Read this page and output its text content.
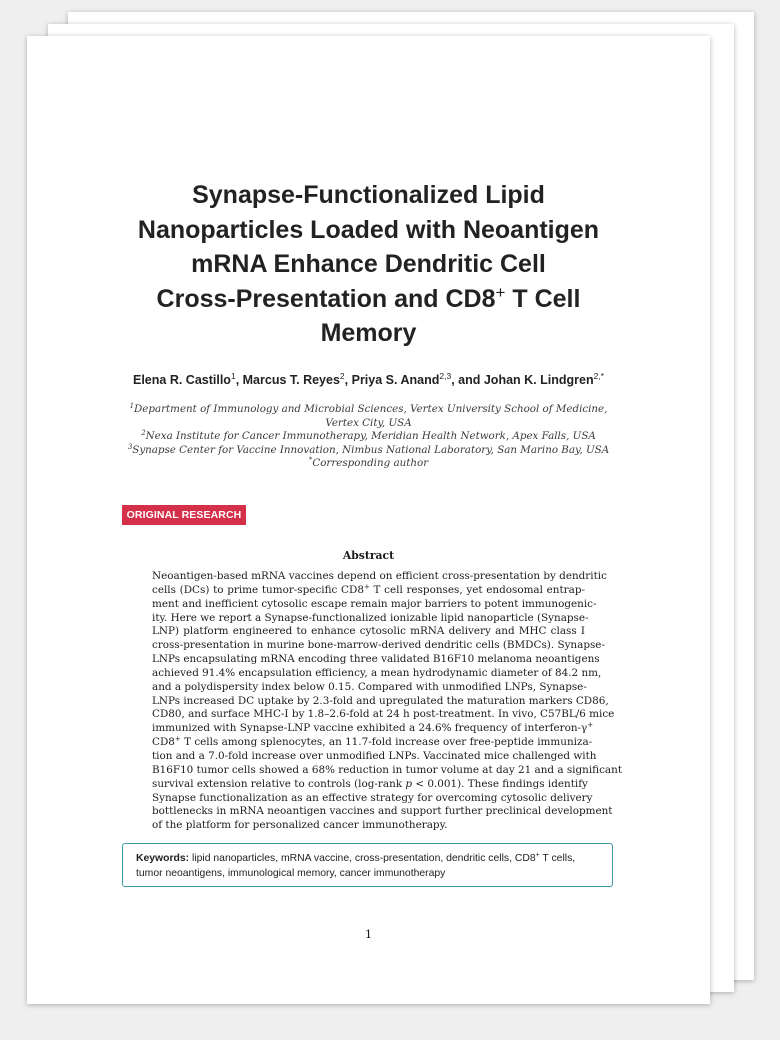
Synapse-Functionalized Lipid
Nanoparticles Loaded with Neoantigen
mRNA Enhance Dendritic Cell
Cross-Presentation and CD8+ T Cell
Memory
Elena R. Castillo$^1$, Marcus T. Reyes$^2$, Priya S. Anand$^{2,3}$, and Johan K. Lindgren$^{2,*}$
$^1$Department of Immunology and Microbial Sciences, Vertex University School of Medicine, Vertex City, USA
$^2$Nexa Institute for Cancer Immunotherapy, Meridian Health Network, Apex Falls, USA
$^3$Synapse Center for Vaccine Innovation, Nimbus National Laboratory, San Marino Bay, USA
*Corresponding author
ORIGINAL RESEARCH
Abstract

Neoantigen-based mRNA vaccines depend on efficient cross-presentation by dendritic
cells (DCs) to prime tumor-specific CD8+ T cell responses, yet endosomal entrap-
ment and inefficient cytosolic escape remain major barriers to potent immunogenic-
ity. Here we report a Synapse-functionalized ionizable lipid nanoparticle (Synapse-
LNP) platform engineered to enhance cytosolic mRNA delivery and MHC class I
cross-presentation in murine bone-marrow-derived dendritic cells (BMDCs). Synapse-
LNPs encapsulating mRNA encoding three validated B16F10 melanoma neoantigens
achieved 91.4% encapsulation efficiency, a mean hydrodynamic diameter of 84.2 nm,
and a polydispersity index below 0.15. Compared with unmodified LNPs, Synapse-
LNPs increased DC uptake by 2.3-fold and upregulated the maturation markers CD86,
CD80, and surface MHC-I by 1.8–2.6-fold at 24 h post-treatment. In vivo, C57BL/6 mice
immunized with Synapse-LNP vaccine exhibited a 24.6% frequency of interferon-γ+
CD8+ T cells among splenocytes, an 11.7-fold increase over free-peptide immuniza-
tion and a 7.0-fold increase over unmodified LNPs. Vaccinated mice challenged with
B16F10 tumor cells showed a 68% reduction in tumor volume at day 21 and a significant
survival extension relative to controls (log-rank p < 0.001). These findings identify
Synapse functionalization as an effective strategy for overcoming cytosolic delivery
bottlenecks in mRNA neoantigen vaccines and support further preclinical development
of the platform for personalized cancer immunotherapy.

Keywords: lipid nanoparticles, mRNA vaccine, cross-presentation, dendritic cells, CD8+ T cells,
tumor neoantigens, immunological memory, cancer immunotherapy
1
